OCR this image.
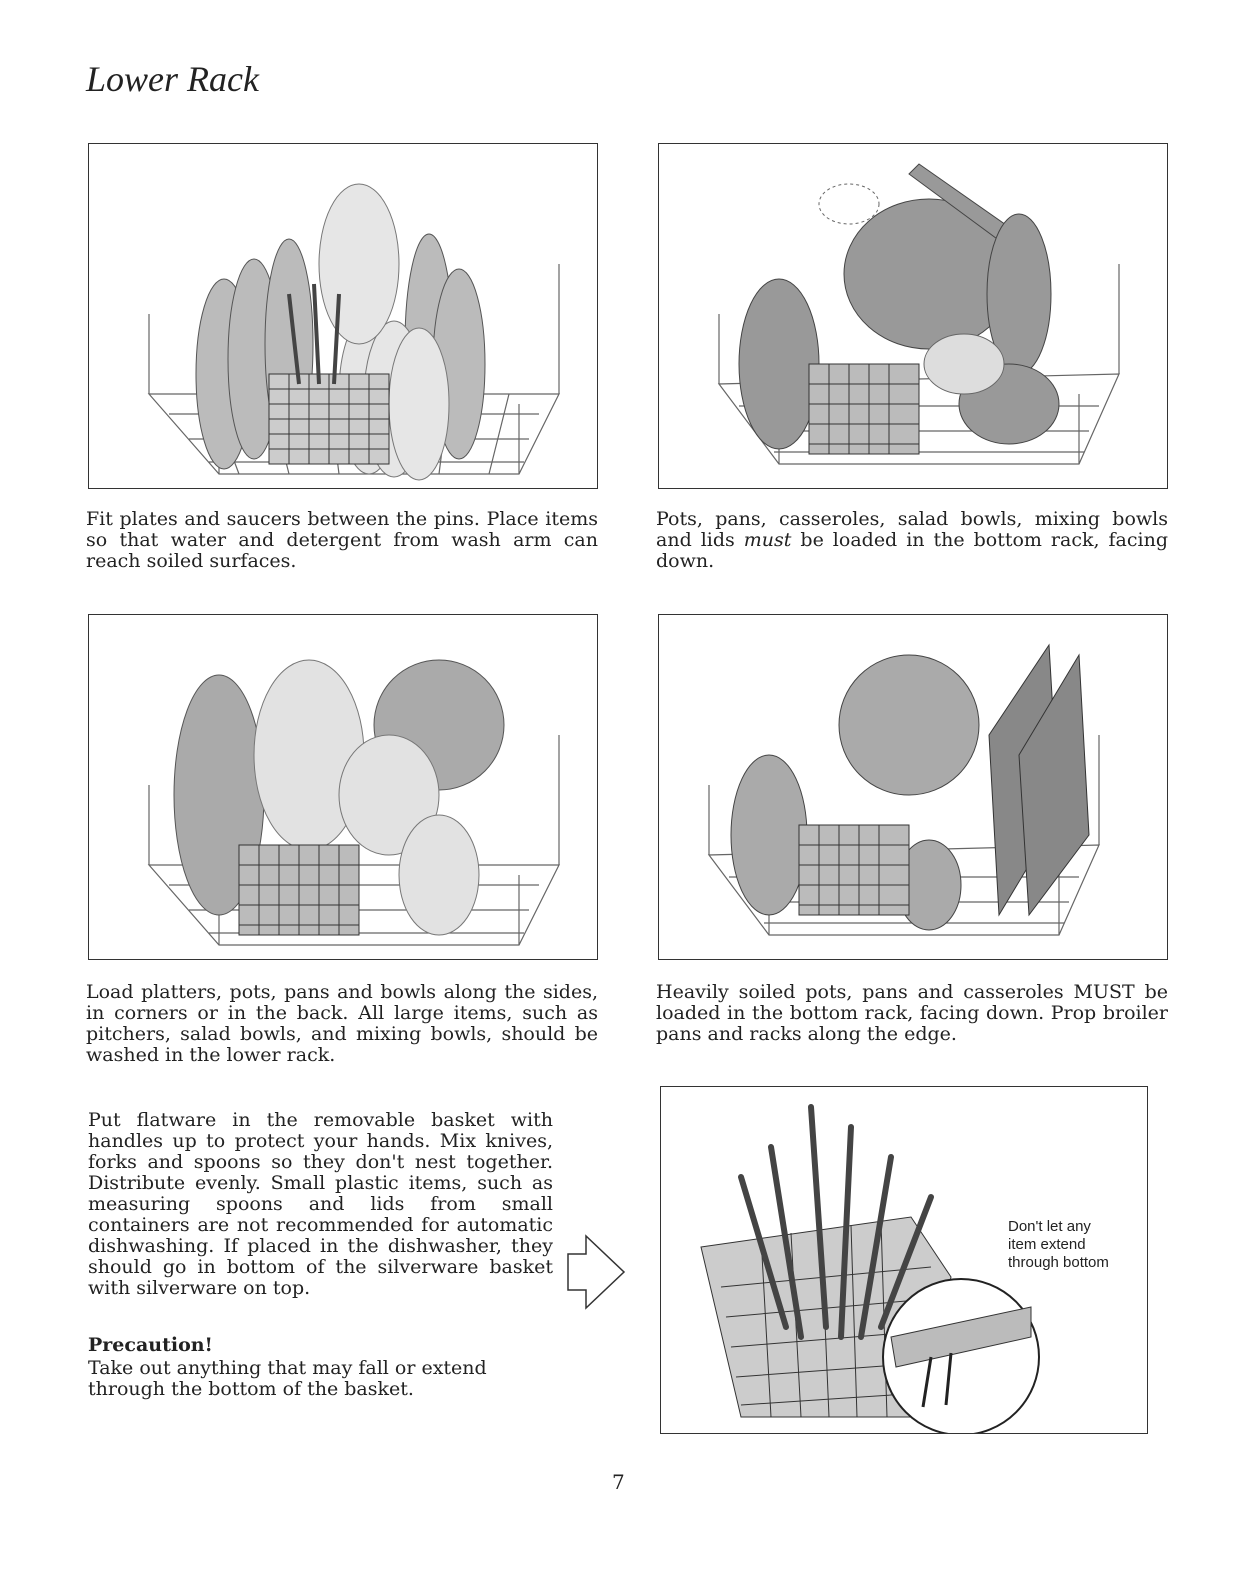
Lower Rack

Fit plates and saucers between the pins. Place items so that water and detergent from wash arm can reach soiled surfaces.

Pots, pans, casseroles, salad bowls, mixing bowls and lids must be loaded in the bottom rack, facing down.

Load platters, pots, pans and bowls along the sides, in corners or in the back. All large items, such as pitchers, salad bowls, and mixing bowls, should be washed in the lower rack.

Heavily soiled pots, pans and casseroles MUST be loaded in the bottom rack, facing down. Prop broiler pans and racks along the edge.

Put flatware in the removable basket with handles up to protect your hands. Mix knives, forks and spoons so they don't nest together. Distribute evenly. Small plastic items, such as measuring spoons and lids from small containers are not recommended for automatic dishwashing. If placed in the dishwasher, they should go in bottom of the silverware basket with silverware on top.

Precaution!

Take out anything that may fall or extend through the bottom of the basket.

Don't let any
item extend
through bottom
7
